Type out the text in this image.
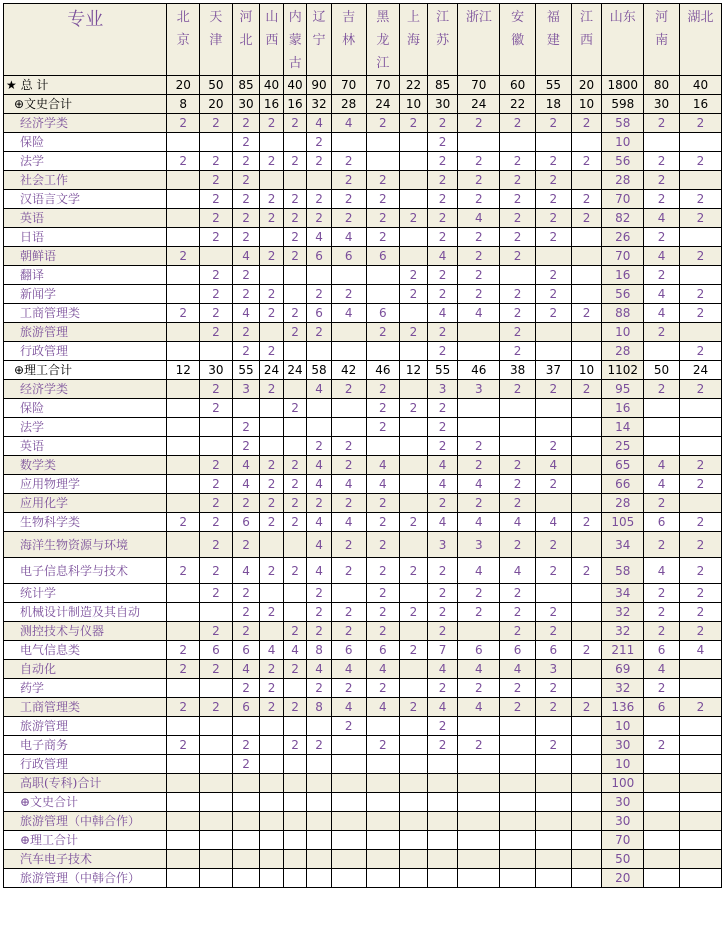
专业	北京	天津	河北	山西	内蒙古	辽宁	吉林	黑龙江	上海	江苏	浙江	安徽	福建	江西	山东	河南	湖北
★ 总 计	20	50	85	40	40	90	70	70	22	85	70	60	55	20	1800	80	40
⊕文史合计	8	20	30	16	16	32	28	24	10	30	24	22	18	10	598	30	16
经济学类	2	2	2	2	2	4	4	2	2	2	2	2	2	2	58	2	2
保险			2			2				2					10		
法学	2	2	2	2	2	2	2			2	2	2	2	2	56	2	2
社会工作		2	2				2	2		2	2	2	2		28	2	
汉语言文学		2	2	2	2	2	2	2		2	2	2	2	2	70	2	2
英语		2	2	2	2	2	2	2	2	2	4	2	2	2	82	4	2
日语		2	2		2	4	4	2		2	2	2	2		26	2	
朝鲜语	2		4	2	2	6	6	6		4	2	2			70	4	2
翻译		2	2						2	2	2		2		16	2	
新闻学		2	2	2		2	2		2	2	2	2	2		56	4	2
工商管理类	2	2	4	2	2	6	4	6		4	4	2	2	2	88	4	2
旅游管理		2	2		2	2		2	2	2		2			10	2	
行政管理			2	2						2		2			28		2
⊕理工合计	12	30	55	24	24	58	42	46	12	55	46	38	37	10	1102	50	24
经济学类		2	3	2		4	2	2		3	3	2	2	2	95	2	2
保险		2			2			2	2	2					16		
法学			2					2		2					14		
英语			2			2	2			2	2		2		25		
数学类		2	4	2	2	4	2	4		4	2	2	4		65	4	2
应用物理学		2	4	2	2	4	4	4		4	4	2	2		66	4	2
应用化学		2	2	2	2	2	2	2		2	2	2			28	2	
生物科学类	2	2	6	2	2	4	4	2	2	4	4	4	4	2	105	6	2
海洋生物资源与环境		2	2			4	2	2		3	3	2	2		34	2	2
电子信息科学与技术	2	2	4	2	2	4	2	2	2	2	4	4	2	2	58	4	2
统计学		2	2			2		2		2	2	2			34	2	2
机械设计制造及其自动			2	2		2	2	2	2	2	2	2	2		32	2	2
测控技术与仪器		2	2		2	2	2	2		2		2	2		32	2	2
电气信息类	2	6	6	4	4	8	6	6	2	7	6	6	6	2	211	6	4
自动化	2	2	4	2	2	4	4	4		4	4	4	3		69	4	
药学			2	2		2	2	2		2	2	2	2		32	2	
工商管理类	2	2	6	2	2	8	4	4	2	4	4	2	2	2	136	6	2
旅游管理							2			2					10		
电子商务	2		2		2	2		2		2	2		2		30	2	
行政管理			2												10		
高职(专科)合计															100		
⊕文史合计															30		
旅游管理（中韩合作）															30		
⊕理工合计															70		
汽车电子技术															50		
旅游管理（中韩合作）															20		
